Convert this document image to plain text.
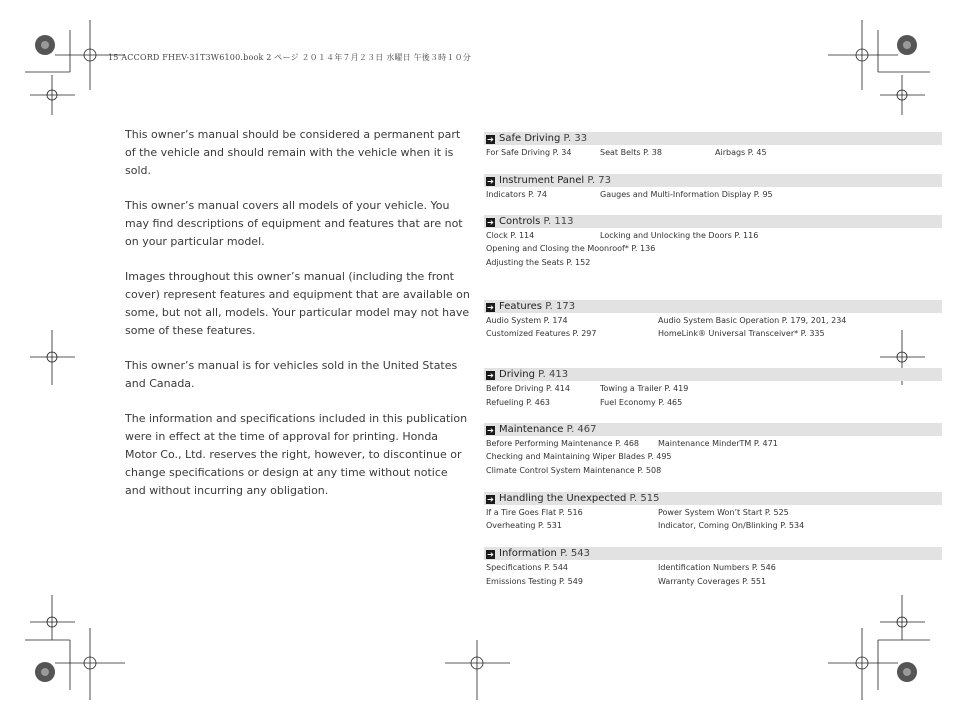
15 ACCORD FHEV-31T3W6100.book 2 ページ ２０１４年７月２３日 水曜日 午後３時１０分

This owner’s manual should be considered a permanent part of the vehicle and should remain with the vehicle when it is sold.

This owner’s manual covers all models of your vehicle. You may find descriptions of equipment and features that are not on your particular model.

Images throughout this owner’s manual (including the front cover) represent features and equipment that are available on some, but not all, models. Your particular model may not have some of these features.

This owner’s manual is for vehicles sold in the United States and Canada.

The information and specifications included in this publication were in effect at the time of approval for printing. Honda Motor Co., Ltd. reserves the right, however, to discontinue or change specifications or design at any time without notice and without incurring any obligation.

➔ Safe Driving P. 33
For Safe Driving P. 34	Seat Belts P. 38	Airbags P. 45
➔ Instrument Panel P. 73
Indicators P. 74	Gauges and Multi-Information Display P. 95
➔ Controls P. 113
Clock P. 114	Locking and Unlocking the Doors P. 116
Opening and Closing the Moonroof* P. 136
Adjusting the Seats P. 152
➔ Features P. 173
Audio System P. 174	Audio System Basic Operation P. 179, 201, 234
Customized Features P. 297	HomeLink® Universal Transceiver* P. 335
➔ Driving P. 413
Before Driving P. 414	Towing a Trailer P. 419
Refueling P. 463	Fuel Economy P. 465
➔ Maintenance P. 467
Before Performing Maintenance P. 468 Maintenance MinderTM P. 471
Checking and Maintaining Wiper Blades P. 495
Climate Control System Maintenance P. 508
➔ Handling the Unexpected P. 515
If a Tire Goes Flat P. 516	Power System Won’t Start P. 525
Overheating P. 531	Indicator, Coming On/Blinking P. 534
➔ Information P. 543
Specifications P. 544	Identification Numbers P. 546
Emissions Testing P. 549	Warranty Coverages P. 551
